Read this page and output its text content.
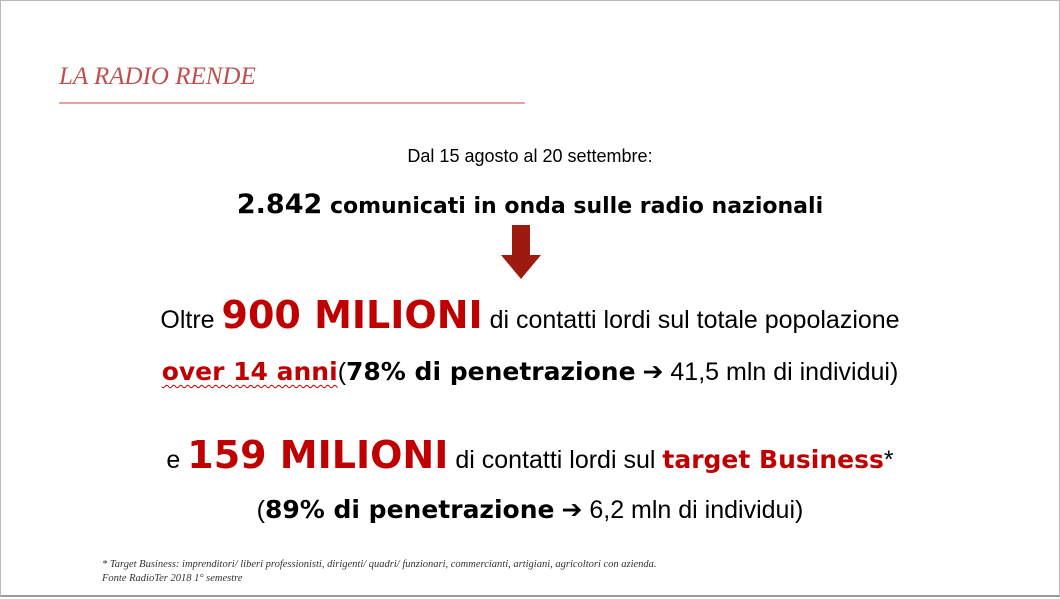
LA RADIO RENDE
Dal 15 agosto al 20 settembre:
2.842 comunicati in onda sulle radio nazionali
Oltre 900 MILIONI di contatti lordi sul totale popolazione
over 14 anni(78% di penetrazione ➔ 41,5 mln di individui)
e 159 MILIONI di contatti lordi sul target Business*
(89% di penetrazione ➔ 6,2 mln di individui)
* Target Business: imprenditori/ liberi professionisti, dirigenti/ quadri/ funzionari, commercianti, artigiani, agricoltori con azienda.
Fonte RadioTer 2018 1° semestre
